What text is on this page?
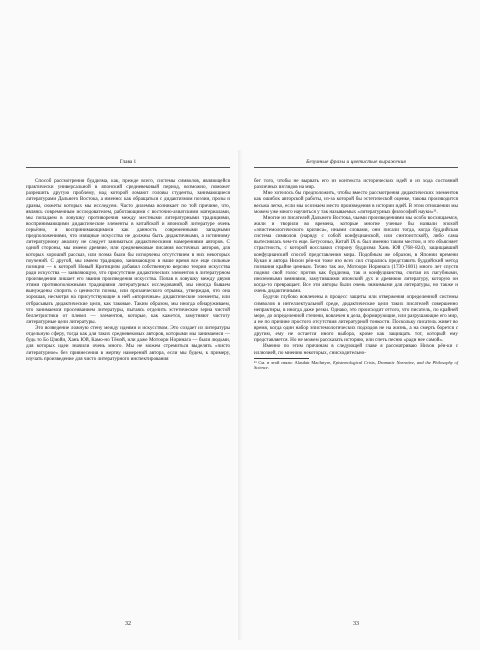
Глава 1

Способ рассмотрения буддизма, как, прежде всего, системы символов, являющейся практически универсальной в японский средневековый период, возможно, поможет разрешить другую проблему, над которой ломают головы студенты, занимающиеся литературами Дальнего Востока, а именно: как обращаться с дидактизмом поэзии, прозы и драмы, сюжеты которых мы исследуем. Часто дилемма возникает по той причине, что, являясь современным исследователем, работающими с восточно-азиатскими материалами, мы попадаем в ловушку противоречия между местными литературными традициями, воспринимающими дидактические элементы в китайской и японской литературе очень серьёзно, и воспринимающимися как данность современными западными предположениями, что изящные искусства не должны быть дидактичными, а истинному литературному анализу не следует заниматься дидактическими намерениями авторов. С одной стороны, мы имеем древние, или средневековые писания восточных авторов, для которых хороший рассказ, или поэма были бы испорчены отсутствием в них некоторых поучений. С другой, мы имеем традицию, занимающую в наше время все еще сильные позиции — к которой Новый Критицизм добавил собственную версию теории искусства ради искусства — заявляющую, что присутствие дидактических элементов в литературном произведении лишает его звания произведения искусства. Попав в ловушку между двумя этими противоположными традициями литературных исследований, мы иногда бываем вынуждены спорить о ценности поэмы, или прозаического отрывка, утверждая, что она хорошая, несмотря на присутствующие в ней «вторичные» дидактические элементы, или отбрасывать дидактические цели, как таковые. Таким образом, мы иногда обнаруживаем, что занимаемся просеиванием литературы, пытаясь отделить эстетические зерна чистой беллетристики от плевел — элементов, которые, как кажется, замутняют чистоту литературные цели литературы.

Это возведение ложную стену между идеями и искусством. Это создает из литературы отдельную сферу, тогда как для таких средневековых авторов, которыми мы занимаемся — будь то Бо Цзюйи, Ханъ Юй, Камо-но Тёмэй, или даже Мотоори Норинага — были людьми, для которых идеи значили очень много. Мы не можем стремиться выделять «чисто литературное» без привнесения в жертву намерений автора, если мы будем, к примеру, изучать произведение для чисто литературного инспектирования

32
Безумные фразы и цветистые выражения

бег того, чтобы не вырвать его из контекста исторических идей и из хода состояний различных взглядов на мир.

Мне хотелось бы предположить, чтобы вместо рассмотрения дидактических элементов как ошибок авторской работы, из-за которой бы эстетической оценке, такова производится весьма легко, если мы осознаем место произведения в истории идей. В этом отношении мы можем уже много научиться у так называемых «литературных философий науки»¹¹.

Многие из писателей Дальнего Востока, чьими произведениями мы особо восхищаемся, жили и творили во времена, которые многие ученые бы назвали эпохой «эпистемологического кризиса», иными словами, они писали тогда, когда буддийская система символов (наряду с собой конфуцианской, или синтоистской), либо сама вытеснялась чем-то еще. Бетусоньо, Китай IX в. был именно таким местом, и это объясняет страстность, с которой восславил сторону буддизма Хань Юй (768–824), защищавший конфуцианский способ представления мира. Подобным же образом, в Японии времени Кукая и автора Нихон рёи-ки тоже изо всех сил старались представить буддийский метод познания крайне ценным. Точно так же, Мотоори Норинага (1730-1801) много лет спустя поднял свой голос против как буддизма, так и конфуцианства, считая их пагубными, иноземными веяниями, замутившими японский дух и древнюю литературу, которую он когда-то превращает. Все эти авторы были очень значимыми для литературы, но также и очень дидактичными.

Будучи глубоко вовлечены в процесс защиты или отвержения определенной системы символов в интеллектуальной среде, дидактические цели таких писателей совершенно непрактиры, в иногда даже резки. Однако, это происходит оттого, что писатель, по крайней мере, до определенной степени, вовлечен в дела, формирующие, или разрушающие его мир, а не по причине простого отсутствия литературной тонкости. Поскольку писатель живет во время, когда один набор эпистемологических подходов не на жизнь, а на смерть борется с другим, ему не остается иного выбора, кроме как защищать тот, который ему представляется. Но не можем рассказать историю, или спеть песню «ради нее самой».

Именно по этим причинам в следующей главе я рассматриваю Нихон рёи-ки с иллюзией, по мнению некоторых, снисходительно-

¹¹ См. в этой связи: Alasdair MacIntyre, Epistemological Crisis, Dramatic Narrative, and the Philosophy of Science.
33
